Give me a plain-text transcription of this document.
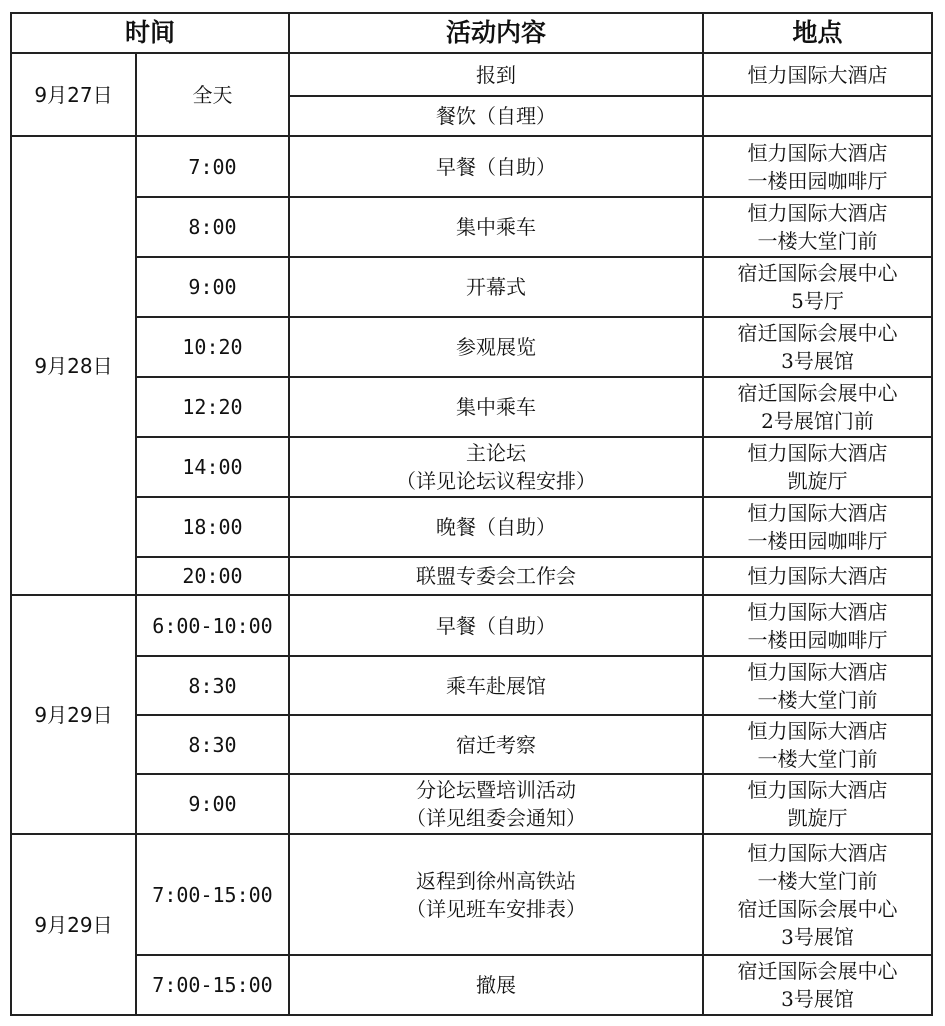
时间		活动内容	地点
9月27日	全天	报到	恒力国际大酒店

		餐饮（自理）	

9月28日	7:00	早餐（自助）	恒力国际大酒店
一楼田园咖啡厅

	8:00	集中乘车	恒力国际大酒店
一楼大堂门前

	9:00	开幕式	宿迁国际会展中心
5号厅

	10:20	参观展览	宿迁国际会展中心
3号展馆

	12:20	集中乘车	宿迁国际会展中心
2号展馆门前

	14:00	主论坛
（详见论坛议程安排）	恒力国际大酒店
凯旋厅

	18:00	晚餐（自助）	恒力国际大酒店
一楼田园咖啡厅

	20:00	联盟专委会工作会	恒力国际大酒店

9月29日	6:00-10:00	早餐（自助）	恒力国际大酒店
一楼田园咖啡厅

	8:30	乘车赴展馆	恒力国际大酒店
一楼大堂门前

	8:30	宿迁考察	恒力国际大酒店
一楼大堂门前

	9:00	分论坛暨培训活动
（详见组委会通知）	恒力国际大酒店
凯旋厅

9月29日	7:00-15:00	返程到徐州高铁站
（详见班车安排表）	恒力国际大酒店
一楼大堂门前
宿迁国际会展中心
3号展馆

	7:00-15:00	撤展	宿迁国际会展中心
3号展馆
